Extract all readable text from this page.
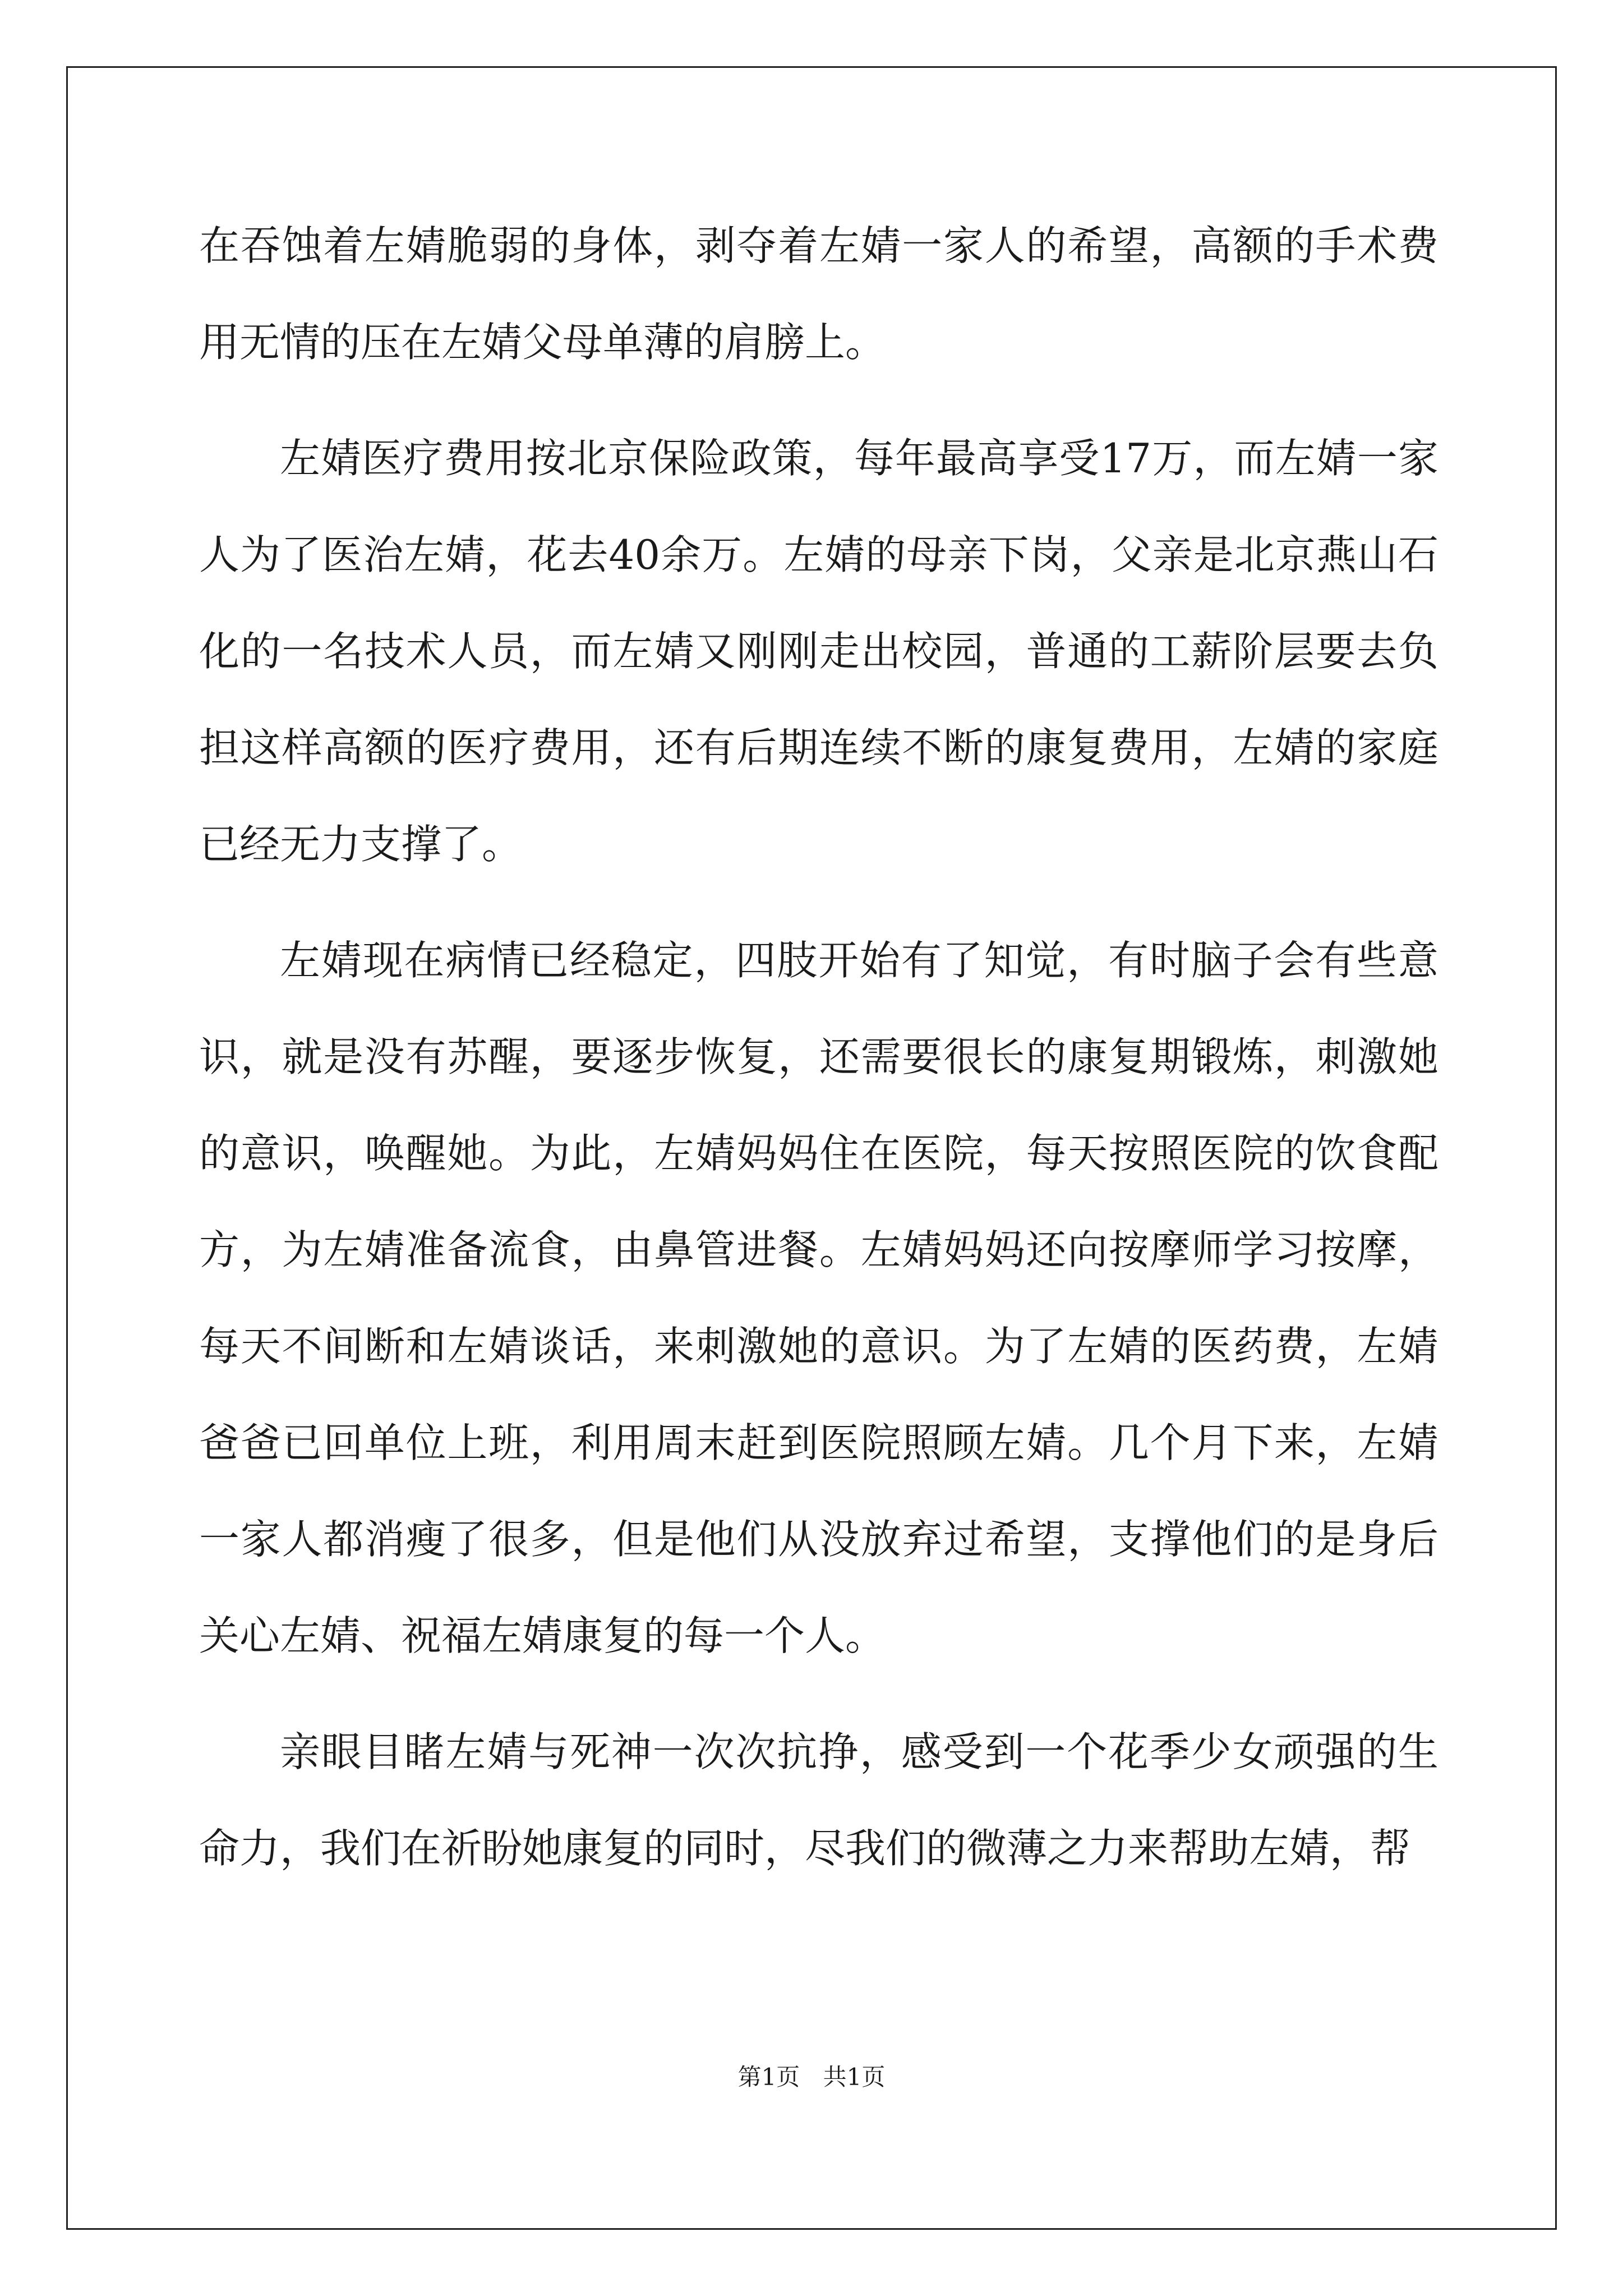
在吞蚀着左婧脆弱的身体，剥夺着左婧一家人的希望，高额的手术费用无情的压在左婧父母单薄的肩膀上。

左婧医疗费用按北京保险政策，每年最高享受17万，而左婧一家人为了医治左婧，花去40余万。左婧的母亲下岗，父亲是北京燕山石化的一名技术人员，而左婧又刚刚走出校园，普通的工薪阶层要去负担这样高额的医疗费用，还有后期连续不断的康复费用，左婧的家庭已经无力支撑了。

左婧现在病情已经稳定，四肢开始有了知觉，有时脑子会有些意识，就是没有苏醒，要逐步恢复，还需要很长的康复期锻炼，刺激她的意识，唤醒她。为此，左婧妈妈住在医院，每天按照医院的饮食配方，为左婧准备流食，由鼻管进餐。左婧妈妈还向按摩师学习按摩，每天不间断和左婧谈话，来刺激她的意识。为了左婧的医药费，左婧爸爸已回单位上班，利用周末赶到医院照顾左婧。几个月下来，左婧一家人都消瘦了很多，但是他们从没放弃过希望，支撑他们的是身后关心左婧、祝福左婧康复的每一个人。

亲眼目睹左婧与死神一次次抗挣，感受到一个花季少女顽强的生命力，我们在祈盼她康复的同时，尽我们的微薄之力来帮助左婧，帮

第1页 共1页
